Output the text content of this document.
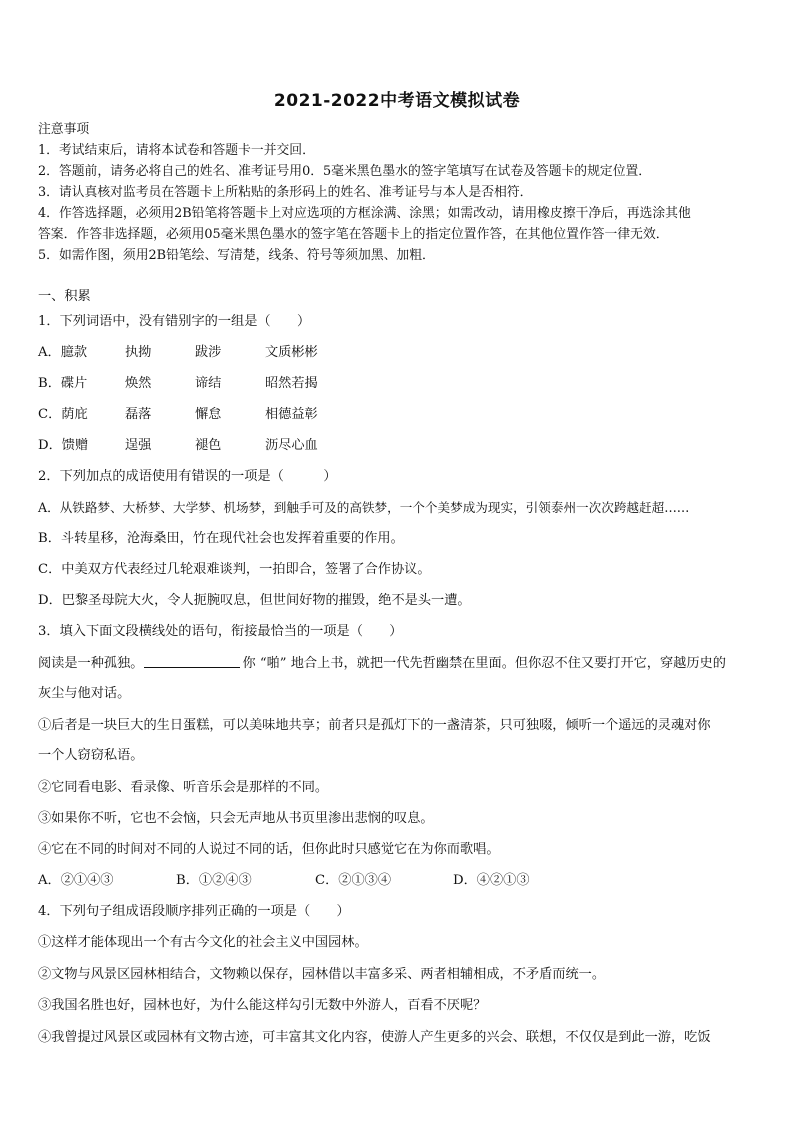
2021-2022中考语文模拟试卷
注意事项
1．考试结束后，请将本试卷和答题卡一并交回．
2．答题前，请务必将自己的姓名、准考证号用0．5毫米黑色墨水的签字笔填写在试卷及答题卡的规定位置．
3．请认真核对监考员在答题卡上所粘贴的条形码上的姓名、准考证号与本人是否相符．
4．作答选择题，必须用2B铅笔将答题卡上对应选项的方框涂满、涂黑；如需改动，请用橡皮擦干净后，再选涂其他
答案．作答非选择题，必须用05毫米黑色墨水的签字笔在答题卡上的指定位置作答，在其他位置作答一律无效．
5．如需作图，须用2B铅笔绘、写清楚，线条、符号等须加黑、加粗．
一、积累
1．下列词语中，没有错别字的一组是（　　）
A．臆款	执拗	跋涉	文质彬彬
B．碟片	焕然	谛结	昭然若揭
C．荫庇	磊落	懈怠	相德益彰
D．馈赠	逞强	褪色	沥尽心血
2．下列加点的成语使用有错误的一项是（　　　）
A．从铁路梦、大桥梦、大学梦、机场梦，到触手可及的高铁梦，一个个美梦成为现实，引领泰州一次次跨越赶超……
B．斗转星移，沧海桑田，竹在现代社会也发挥着重要的作用。
C．中美双方代表经过几轮艰难谈判，一拍即合，签署了合作协议。
D．巴黎圣母院大火，令人扼腕叹息，但世间好物的摧毁，绝不是头一遭。
3．填入下面文段横线处的语句，衔接最恰当的一项是（　　）
阅读是一种孤独。	你 “啪” 地合上书，就把一代先哲幽禁在里面。但你忍不住又要打开它，穿越历史的
灰尘与他对话。
①后者是一块巨大的生日蛋糕，可以美味地共享；前者只是孤灯下的一盏清茶，只可独啜，倾听一个遥远的灵魂对你
一个人窃窃私语。
②它同看电影、看录像、听音乐会是那样的不同。
③如果你不听，它也不会恼，只会无声地从书页里渗出悲悯的叹息。
④它在不同的时间对不同的人说过不同的话，但你此时只感觉它在为你而歌唱。
A．②①④③	B．①②④③	C．②①③④	D．④②①③
4．下列句子组成语段顺序排列正确的一项是（　　）
①这样才能体现出一个有古今文化的社会主义中国园林。
②文物与风景区园林相结合，文物赖以保存，园林借以丰富多采、两者相辅相成，不矛盾而统一。
③我国名胜也好，园林也好，为什么能这样勾引无数中外游人，百看不厌呢？
④我曾提过风景区或园林有文物古迹，可丰富其文化内容，使游人产生更多的兴会、联想，不仅仅是到此一游，吃饭
